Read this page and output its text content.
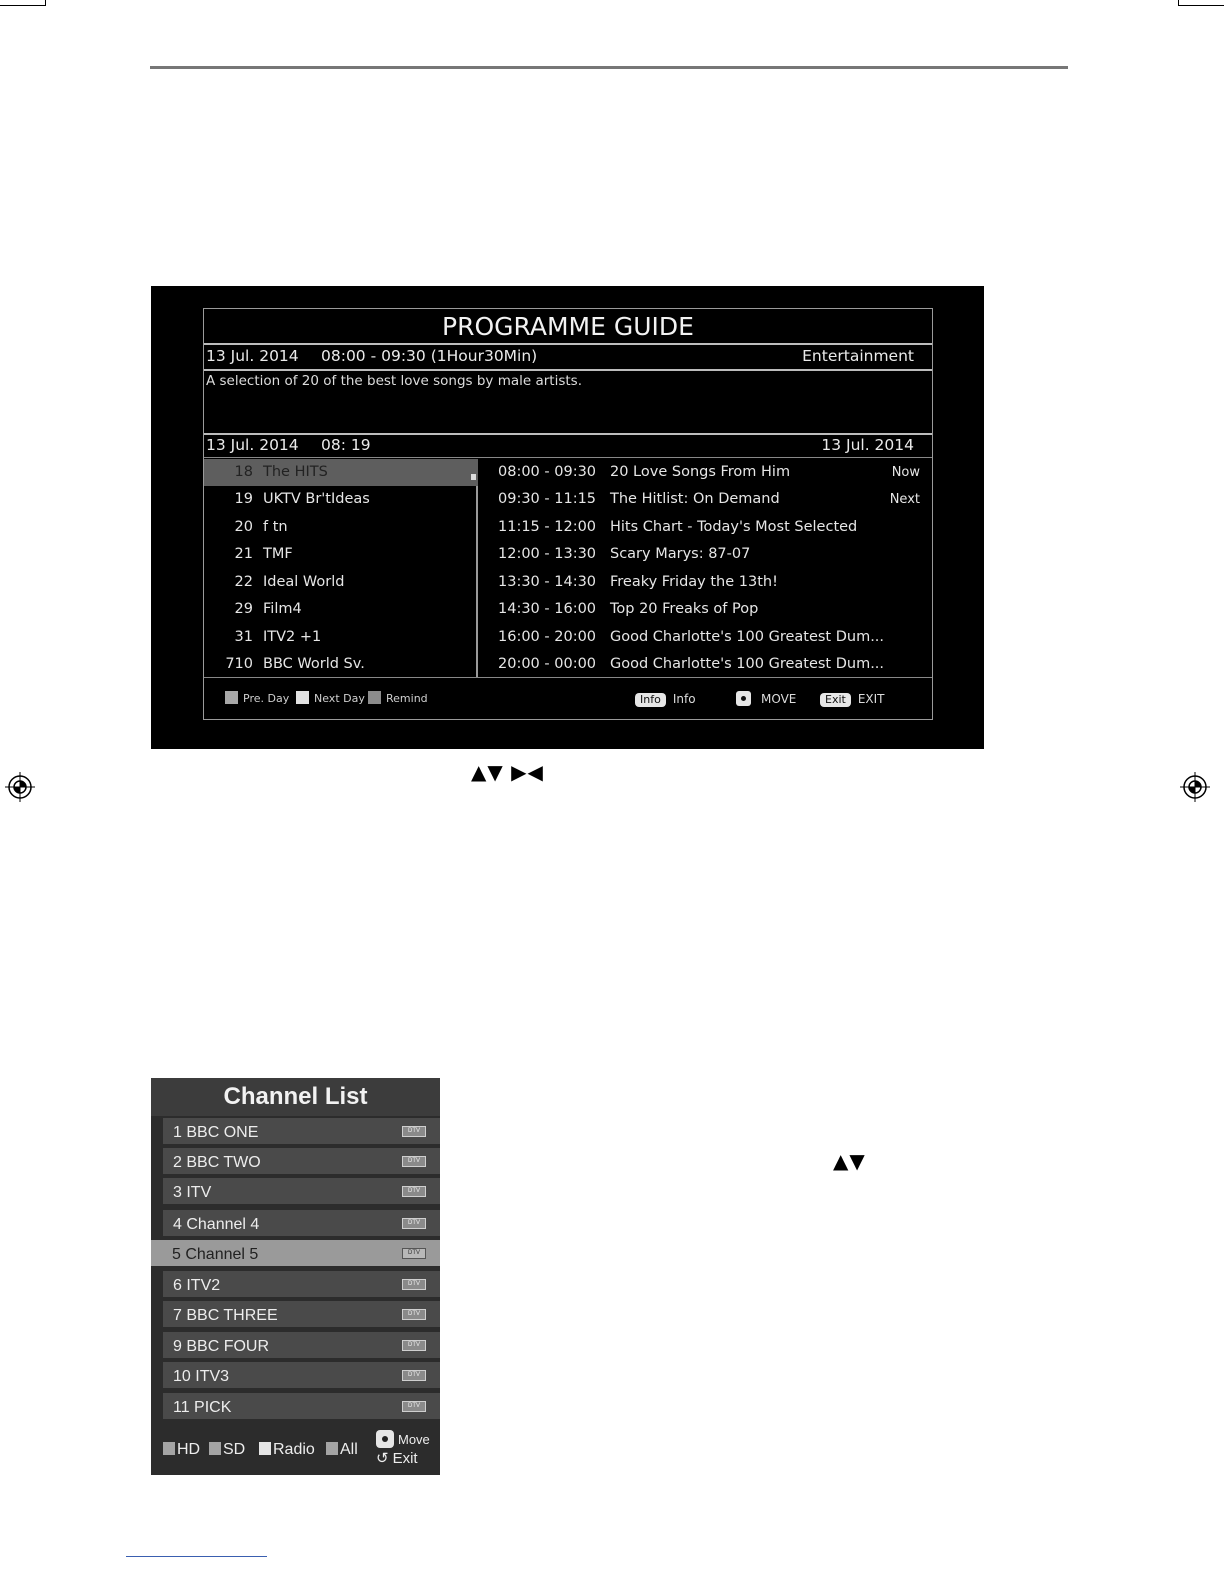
PROGRAMME GUIDE
13 Jul. 2014 08:00 - 09:30 (1Hour30Min)	Entertainment
A selection of 20 of the best love songs by male artists.
13 Jul. 2014 08: 19	13 Jul. 2014
18 The HITS
19 UKTV Br'tIdeas
20 f tn
21 TMF
22 Ideal World
29 Film4
31 ITV2 +1
710 BBC World Sv.
08:00 - 09:30 20 Love Songs From Him	Now
09:30 - 11:15 The Hitlist: On Demand	Next
11:15 - 12:00 Hits Chart - Today's Most Selected
12:00 - 13:30 Scary Marys: 87-07
13:30 - 14:30 Freaky Friday the 13th!
14:30 - 16:00 Top 20 Freaks of Pop
16:00 - 20:00 Good Charlotte's 100 Greatest Dum...
20:00 - 00:00 Good Charlotte's 100 Greatest Dum...
Pre. Day	Next Day	Remind	Info Info	MOVE	Exit EXIT
▲▼ ▶◀
▲▼
Channel List
1 BBC ONE	DTV
2 BBC TWO	DTV
3 ITV	DTV
4 Channel 4	DTV
5 Channel 5	DTV
6 ITV2	DTV
7 BBC THREE	DTV
9 BBC FOUR	DTV
10 ITV3	DTV
11 PICK	DTV
HD	SD	Radio	All
Move
↺ Exit
